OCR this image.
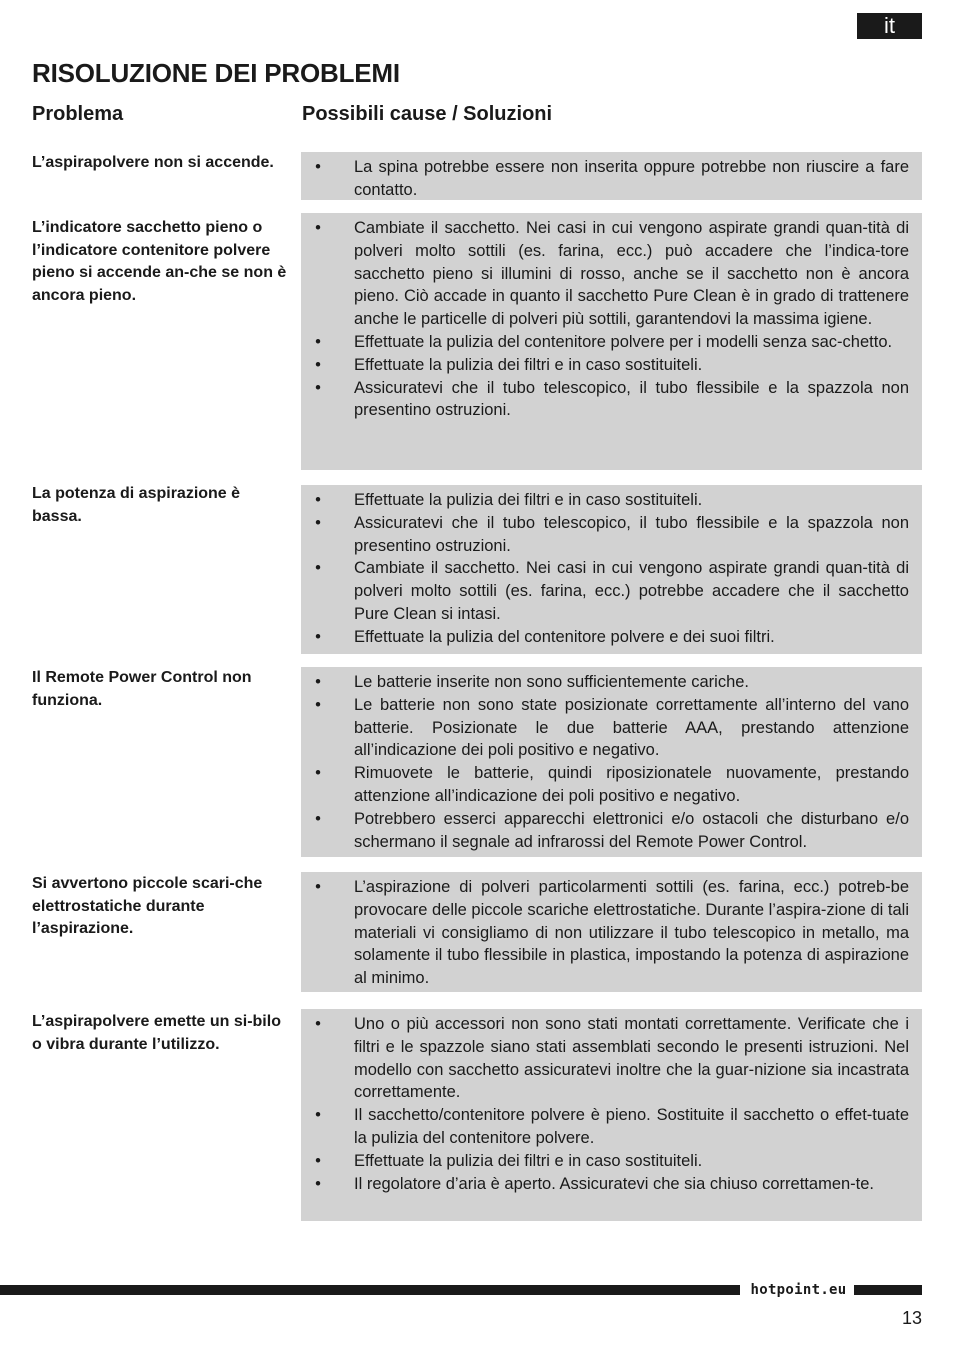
it
RISOLUZIONE DEI PROBLEMI
Problema	Possibili cause / Soluzioni
L’aspirapolvere non si accende.	• La spina potrebbe essere non inserita oppure potrebbe non riuscire a fare contatto.
L’indicatore sacchetto pieno o l’indicatore contenitore polvere pieno si accende an-che se non è ancora pieno.
• Cambiate il sacchetto. Nei casi in cui vengono aspirate grandi quan-tità di polveri molto sottili (es. farina, ecc.) può accadere che l’indica-tore sacchetto pieno si illumini di rosso, anche se il sacchetto non è ancora pieno. Ciò accade in quanto il sacchetto Pure Clean è in grado di trattenere anche le particelle di polveri più sottili, garantendovi la massima igiene.
• Effettuate la pulizia del contenitore polvere per i modelli senza sac-chetto.
• Effettuate la pulizia dei filtri e in caso sostituiteli.
• Assicuratevi che il tubo telescopico, il tubo flessibile e la spazzola non presentino ostruzioni.
La potenza di aspirazione è bassa.
• Effettuate la pulizia dei filtri e in caso sostituiteli.
• Assicuratevi che il tubo telescopico, il tubo flessibile e la spazzola non presentino ostruzioni.
• Cambiate il sacchetto. Nei casi in cui vengono aspirate grandi quan-tità di polveri molto sottili (es. farina, ecc.) potrebbe accadere che il sacchetto Pure Clean si intasi.
• Effettuate la pulizia del contenitore polvere e dei suoi filtri.
Il Remote Power Control non funziona.
• Le batterie inserite non sono sufficientemente cariche.
• Le batterie non sono state posizionate correttamente all’interno del vano batterie. Posizionate le due batterie AAA, prestando attenzione all’indicazione dei poli positivo e negativo.
• Rimuovete le batterie, quindi riposizionatele nuovamente, prestando attenzione all’indicazione dei poli positivo e negativo.
• Potrebbero esserci apparecchi elettronici e/o ostacoli che disturbano e/o schermano il segnale ad infrarossi del Remote Power Control.
Si avvertono piccole scari-che elettrostatiche durante l’aspirazione.
• L’aspirazione di polveri particolarmenti sottili (es. farina, ecc.) potreb-be provocare delle piccole scariche elettrostatiche. Durante l’aspira-zione di tali materiali vi consigliamo di non utilizzare il tubo telescopico in metallo, ma solamente il tubo flessibile in plastica, impostando la potenza di aspirazione al minimo.
L’aspirapolvere emette un si-bilo o vibra durante l’utilizzo.
• Uno o più accessori non sono stati montati correttamente. Verificate che i filtri e le spazzole siano stati assemblati secondo le presenti istruzioni. Nel modello con sacchetto assicuratevi inoltre che la guar-nizione sia incastrata correttamente.
• Il sacchetto/contenitore polvere è pieno. Sostituite il sacchetto o effet-tuate la pulizia del contenitore polvere.
• Effettuate la pulizia dei filtri e in caso sostituiteli.
• Il regolatore d’aria è aperto. Assicuratevi che sia chiuso correttamen-te.
hotpoint.eu
13
